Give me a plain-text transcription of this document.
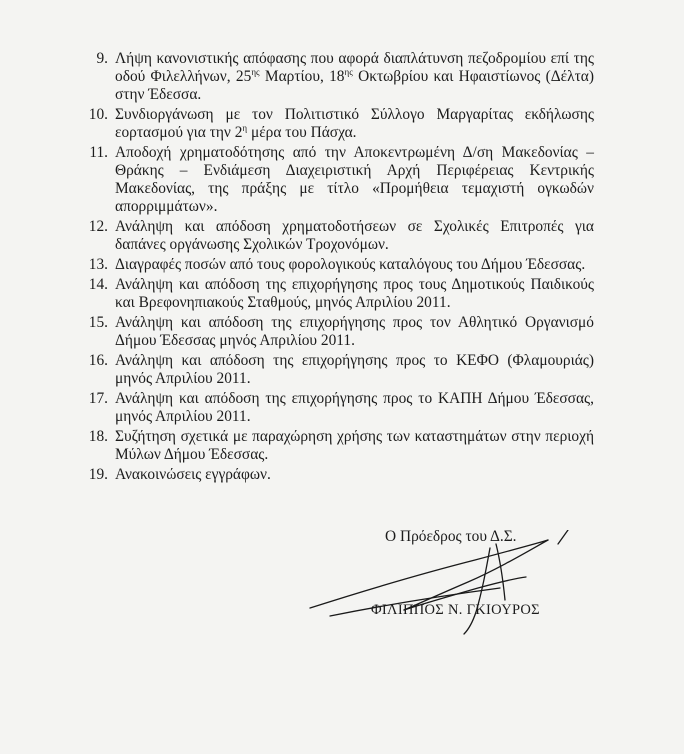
9. Λήψη κανονιστικής απόφασης που αφορά διαπλάτυνση πεζοδρομίου επί της οδού Φιλελλήνων, $25^{\eta\varsigma}$ Μαρτίου, $18^{\eta\varsigma}$ Οκτωβρίου και Ηφαιστίωνος (Δέλτα) στην Έδεσσα.
10. Συνδιοργάνωση με τον Πολιτιστικό Σύλλογο Μαργαρίτας εκδήλωσης εορτασμού για την $2^\eta$ μέρα του Πάσχα.
11. Αποδοχή χρηματοδότησης από την Αποκεντρωμένη Δ/ση Μακεδονίας – Θράκης – Ενδιάμεση Διαχειριστική Αρχή Περιφέρειας Κεντρικής Μακεδονίας, της πράξης με τίτλο «Προμήθεια τεμαχιστή ογκωδών απορριμμάτων».
12. Ανάληψη και απόδοση χρηματοδοτήσεων σε Σχολικές Επιτροπές για δαπάνες οργάνωσης Σχολικών Τροχονόμων.
13. Διαγραφές ποσών από τους φορολογικούς καταλόγους του Δήμου Έδεσσας.
14. Ανάληψη και απόδοση της επιχορήγησης προς τους Δημοτικούς Παιδικούς και Βρεφονηπιακούς Σταθμούς, μηνός Απριλίου 2011.
15. Ανάληψη και απόδοση της επιχορήγησης προς τον Αθλητικό Οργανισμό Δήμου Έδεσσας μηνός Απριλίου 2011.
16. Ανάληψη και απόδοση της επιχορήγησης προς το ΚΕΦΟ (Φλαμουριάς) μηνός Απριλίου 2011.
17. Ανάληψη και απόδοση της επιχορήγησης προς το ΚΑΠΗ Δήμου Έδεσσας, μηνός Απριλίου 2011.
18. Συζήτηση σχετικά με παραχώρηση χρήσης των καταστημάτων στην περιοχή Μύλων Δήμου Έδεσσας.
19. Ανακοινώσεις εγγράφων.
Ο Πρόεδρος του Δ.Σ.
ΦΙΛΙΠΠΟΣ Ν. ΓΚΙΟΥΡΟΣ
